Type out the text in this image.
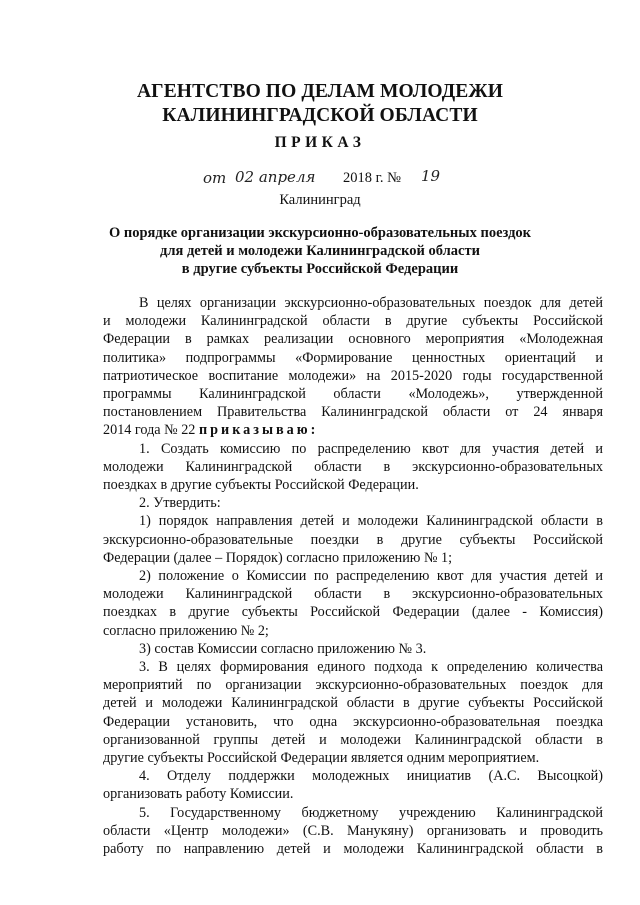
АГЕНТСТВО ПО ДЕЛАМ МОЛОДЕЖИ
КАЛИНИНГРАДСКОЙ ОБЛАСТИ
ПРИКАЗ
от 02 апреля 2018 г. № 19
Калининград
О порядке организации экскурсионно-образовательных поездок
для детей и молодежи Калининградской области
в другие субъекты Российской Федерации

В целях организации экскурсионно-образовательных поездок для детей

и молодежи Калининградской области в другие субъекты Российской

Федерации в рамках реализации основного мероприятия «Молодежная

политика» подпрограммы «Формирование ценностных ориентаций и

патриотическое воспитание молодежи» на 2015-2020 годы государственной

программы Калининградской области «Молодежь», утвержденной

постановлением Правительства Калининградской области от 24 января

2014 года № 22 приказываю:

1. Создать комиссию по распределению квот для участия детей и

молодежи Калининградской области в экскурсионно-образовательных

поездках в другие субъекты Российской Федерации.

2. Утвердить:

1) порядок направления детей и молодежи Калининградской области в

экскурсионно-образовательные поездки в другие субъекты Российской

Федерации (далее – Порядок) согласно приложению № 1;

2) положение о Комиссии по распределению квот для участия детей и

молодежи Калининградской области в экскурсионно-образовательных

поездках в другие субъекты Российской Федерации (далее - Комиссия)

согласно приложению № 2;

3) состав Комиссии согласно приложению № 3.

3. В целях формирования единого подхода к определению количества

мероприятий по организации экскурсионно-образовательных поездок для

детей и молодежи Калининградской области в другие субъекты Российской

Федерации установить, что одна экскурсионно-образовательная поездка

организованной группы детей и молодежи Калининградской области в

другие субъекты Российской Федерации является одним мероприятием.

4. Отделу поддержки молодежных инициатив (А.С. Высоцкой)

организовать работу Комиссии.

5. Государственному бюджетному учреждению Калининградской

области «Центр молодежи» (С.В. Манукяну) организовать и проводить

работу по направлению детей и молодежи Калининградской области в
